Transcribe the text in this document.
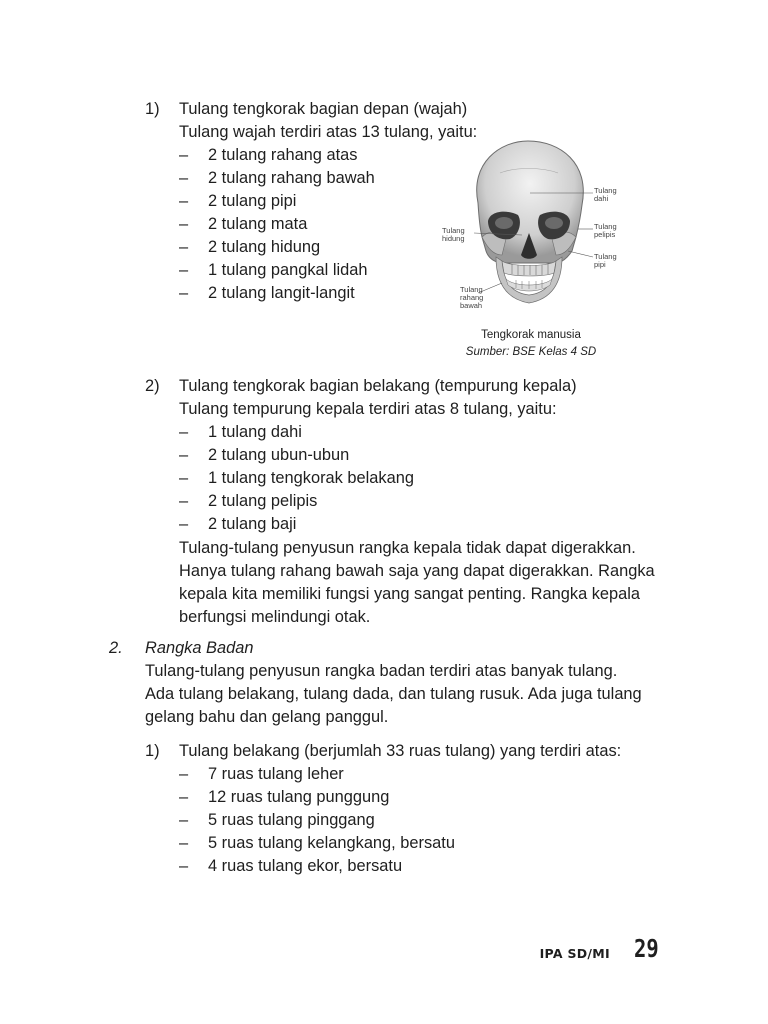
1) Tulang tengkorak bagian depan (wajah)
Tulang wajah terdiri atas 13 tulang, yaitu:
– 2 tulang rahang atas
– 2 tulang rahang bawah
– 2 tulang pipi
– 2 tulang mata
– 2 tulang hidung
– 1 tulang pangkal lidah
– 2 tulang langit-langit
Tulang
dahi
Tulang
pelipis
Tulang
pipi
Tulang
hidung
Tulang
rahang
bawah
Tengkorak manusia
Sumber: BSE Kelas 4 SD
2) Tulang tengkorak bagian belakang (tempurung kepala)
Tulang tempurung kepala terdiri atas 8 tulang, yaitu:
– 1 tulang dahi
– 2 tulang ubun-ubun
– 1 tulang tengkorak belakang
– 2 tulang pelipis
– 2 tulang baji
Tulang-tulang penyusun rangka kepala tidak dapat digerakkan.
Hanya tulang rahang bawah saja yang dapat digerakkan. Rangka
kepala kita memiliki fungsi yang sangat penting. Rangka kepala
berfungsi melindungi otak.
2. Rangka Badan
Tulang-tulang penyusun rangka badan terdiri atas banyak tulang.
Ada tulang belakang, tulang dada, dan tulang rusuk. Ada juga tulang
gelang bahu dan gelang panggul.
1) Tulang belakang (berjumlah 33 ruas tulang) yang terdiri atas:
– 7 ruas tulang leher
– 12 ruas tulang punggung
– 5 ruas tulang pinggang
– 5 ruas tulang kelangkang, bersatu
– 4 ruas tulang ekor, bersatu
IPA SD/MI 29
